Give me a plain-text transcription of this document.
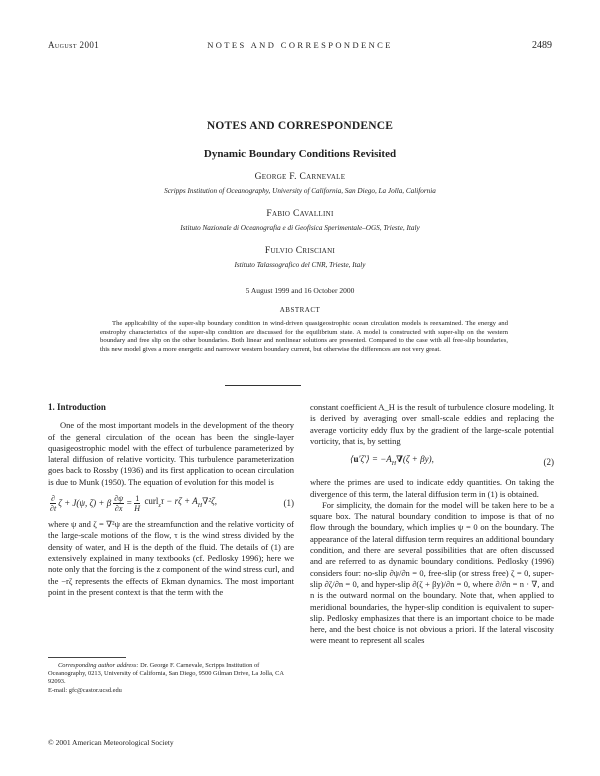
August 2001	NOTES AND CORRESPONDENCE	2489
NOTES AND CORRESPONDENCE
Dynamic Boundary Conditions Revisited
George F. Carnevale
Scripps Institution of Oceanography, University of California, San Diego, La Jolla, California
Fabio Cavallini
Istituto Nazionale di Oceanografia e di Geofisica Sperimentale–OGS, Trieste, Italy
Fulvio Crisciani
Istituto Talassografico del CNR, Trieste, Italy
5 August 1999 and 16 October 2000
ABSTRACT
The applicability of the super-slip boundary condition in wind-driven quasigeostrophic ocean circulation models is reexamined. The energy and enstrophy characteristics of the super-slip condition are discussed for the equilibrium state. A model is constructed with super-slip on the western boundary and free slip on the other boundaries. Both linear and nonlinear solutions are presented. Compared to the case with all free-slip boundaries, this new model gives a more energetic and narrower western boundary current, but otherwise the differences are not very great.
1. Introduction

One of the most important models in the development of the theory of the general circulation of the ocean has been the single-layer quasigeostrophic model with the effect of turbulence parameterized by lateral diffusion of relative vorticity. This turbulence parameterization goes back to Rossby (1936) and its first application to ocean circulation is due to Munk (1950). The equation of evolution for this model is

$\frac{\partial}{\partial t}$ ζ + J(ψ, ζ) + β $\frac{\partial\psi}{\partial x} = \frac{1}{H}$ curl$_z$τ − $r\zeta + A_H\nabla^2\zeta$,	(1)

where ψ and ζ = ∇²ψ are the streamfunction and the relative vorticity of the large-scale motions of the flow, τ is the wind stress divided by the density of water, and H is the depth of the fluid. The details of (1) are extensively explained in many textbooks (cf. Pedlosky 1996); here we note only that the forcing is the z component of the wind stress curl, and the −rζ represents the effects of Ekman dynamics. The most important point in the present context is that the term with the

constant coefficient A_H is the result of turbulence closure modeling. It is derived by averaging over small-scale eddies and replacing the average vorticity eddy flux by the gradient of the large-scale potential vorticity, that is, by setting

⟨u′ζ′⟩ = $-A_H\nabla(\zeta + \beta y)$,	(2)

where the primes are used to indicate eddy quantities. On taking the divergence of this term, the lateral diffusion term in (1) is obtained.

For simplicity, the domain for the model will be taken here to be a square box. The natural boundary condition to impose is that of no flow through the boundary, which implies ψ = 0 on the boundary. The appearance of the lateral diffusion term requires an additional boundary condition, and there are several possibilities that are often discussed and are referred to as dynamic boundary conditions. Pedlosky (1996) considers four: no-slip ∂ψ/∂n = 0, free-slip (or stress free) ζ = 0, super-slip ∂ζ/∂n = 0, and hyper-slip ∂(ζ + βy)/∂n = 0, where ∂/∂n = n · ∇, and n is the outward normal on the boundary. Note that, when applied to meridional boundaries, the hyper-slip condition is equivalent to super-slip. Pedlosky emphasizes that there is an important choice to be made here, and the best choice is not obvious a priori. If the lateral viscosity were meant to represent all scales

Corresponding author address: Dr. George F. Carnevale, Scripps Institution of Oceanography, 0213, University of California, San Diego, 9500 Gilman Drive, La Jolla, CA 92093.
E-mail: gfc@castor.ucsd.edu
© 2001 American Meteorological Society
